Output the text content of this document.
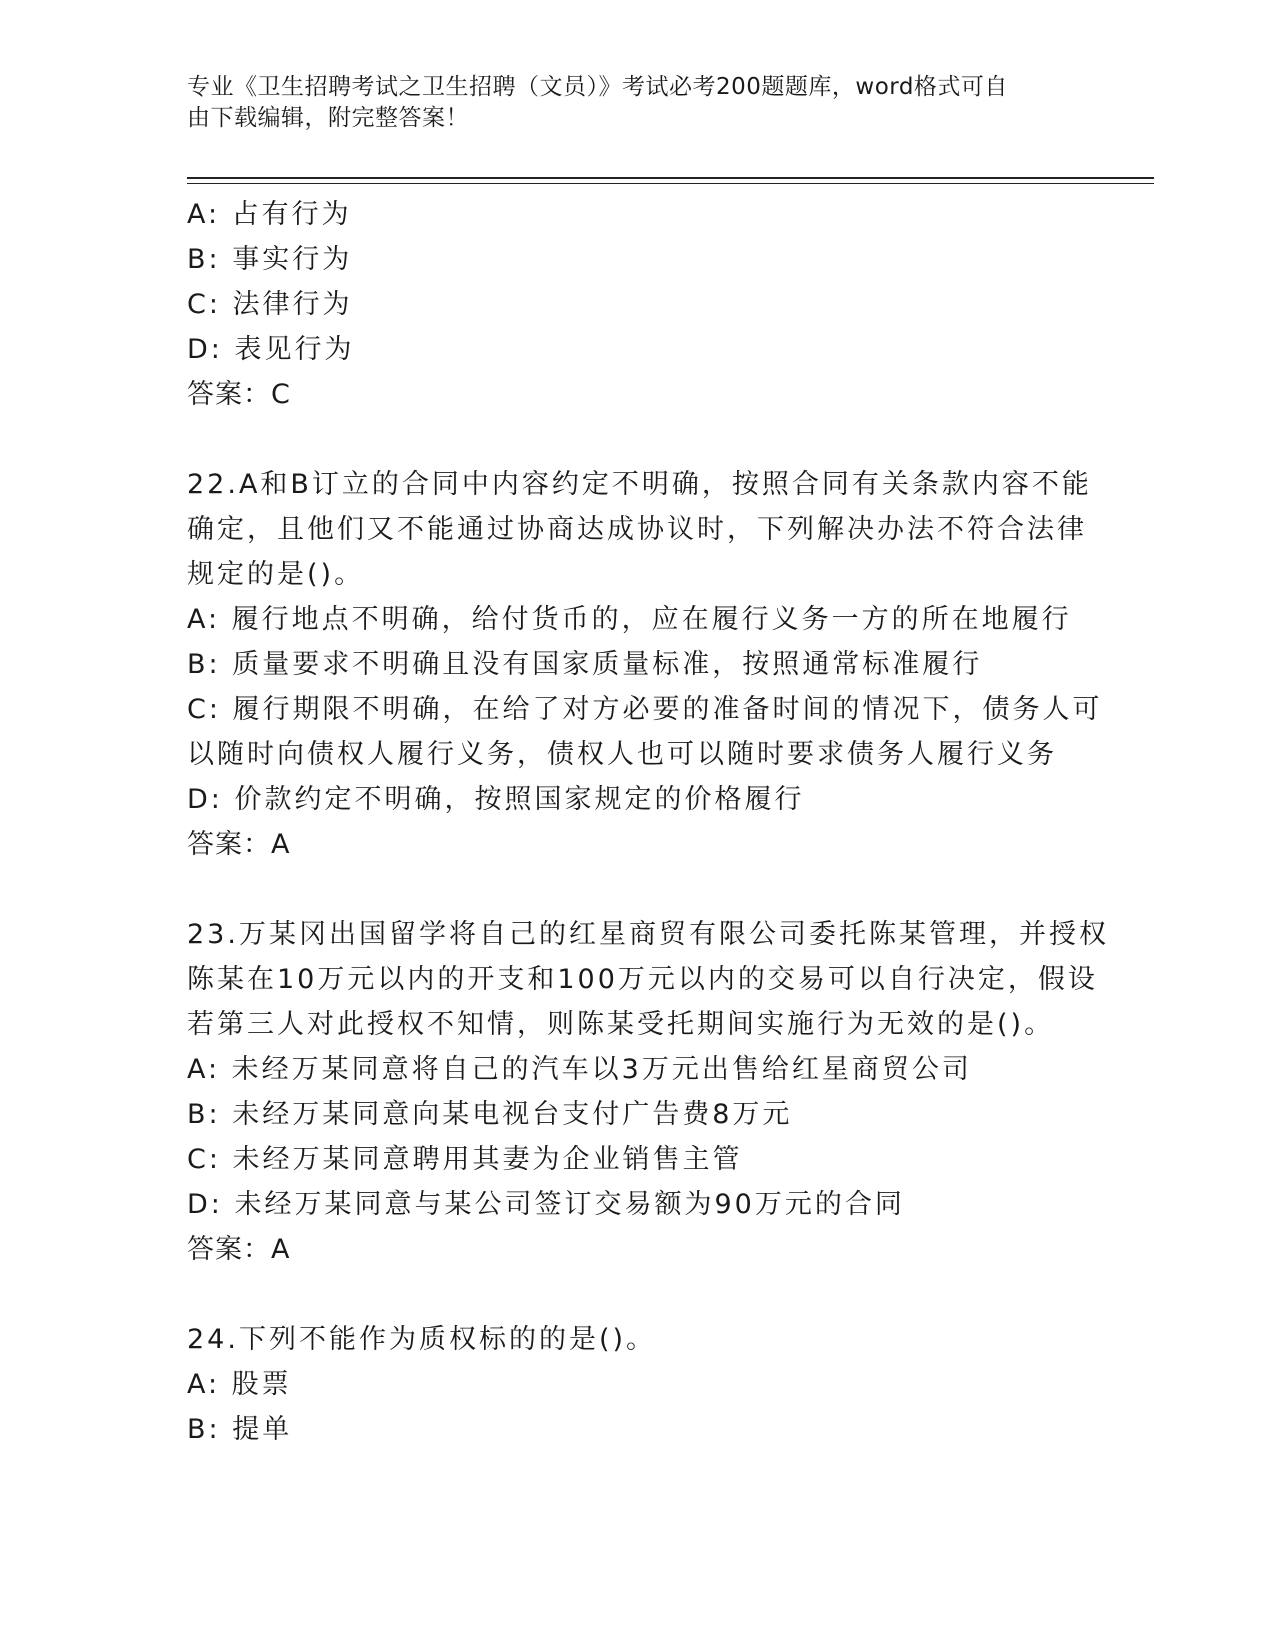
专业《卫生招聘考试之卫生招聘（文员）》考试必考200题题库，word格式可自
由下载编辑，附完整答案！
A: 占有行为
B: 事实行为
C: 法律行为
D: 表见行为
答案：C
22.A和B订立的合同中内容约定不明确，按照合同有关条款内容不能
确定，且他们又不能通过协商达成协议时，下列解决办法不符合法律
规定的是()。
A: 履行地点不明确，给付货币的，应在履行义务一方的所在地履行
B: 质量要求不明确且没有国家质量标准，按照通常标准履行
C: 履行期限不明确，在给了对方必要的准备时间的情况下，债务人可
以随时向债权人履行义务，债权人也可以随时要求债务人履行义务
D: 价款约定不明确，按照国家规定的价格履行
答案：A
23.万某冈出国留学将自己的红星商贸有限公司委托陈某管理，并授权
陈某在10万元以内的开支和100万元以内的交易可以自行决定，假设
若第三人对此授权不知情，则陈某受托期间实施行为无效的是()。
A: 未经万某同意将自己的汽车以3万元出售给红星商贸公司
B: 未经万某同意向某电视台支付广告费8万元
C: 未经万某同意聘用其妻为企业销售主管
D: 未经万某同意与某公司签订交易额为90万元的合同
答案：A
24.下列不能作为质权标的的是()。
A: 股票
B: 提单
